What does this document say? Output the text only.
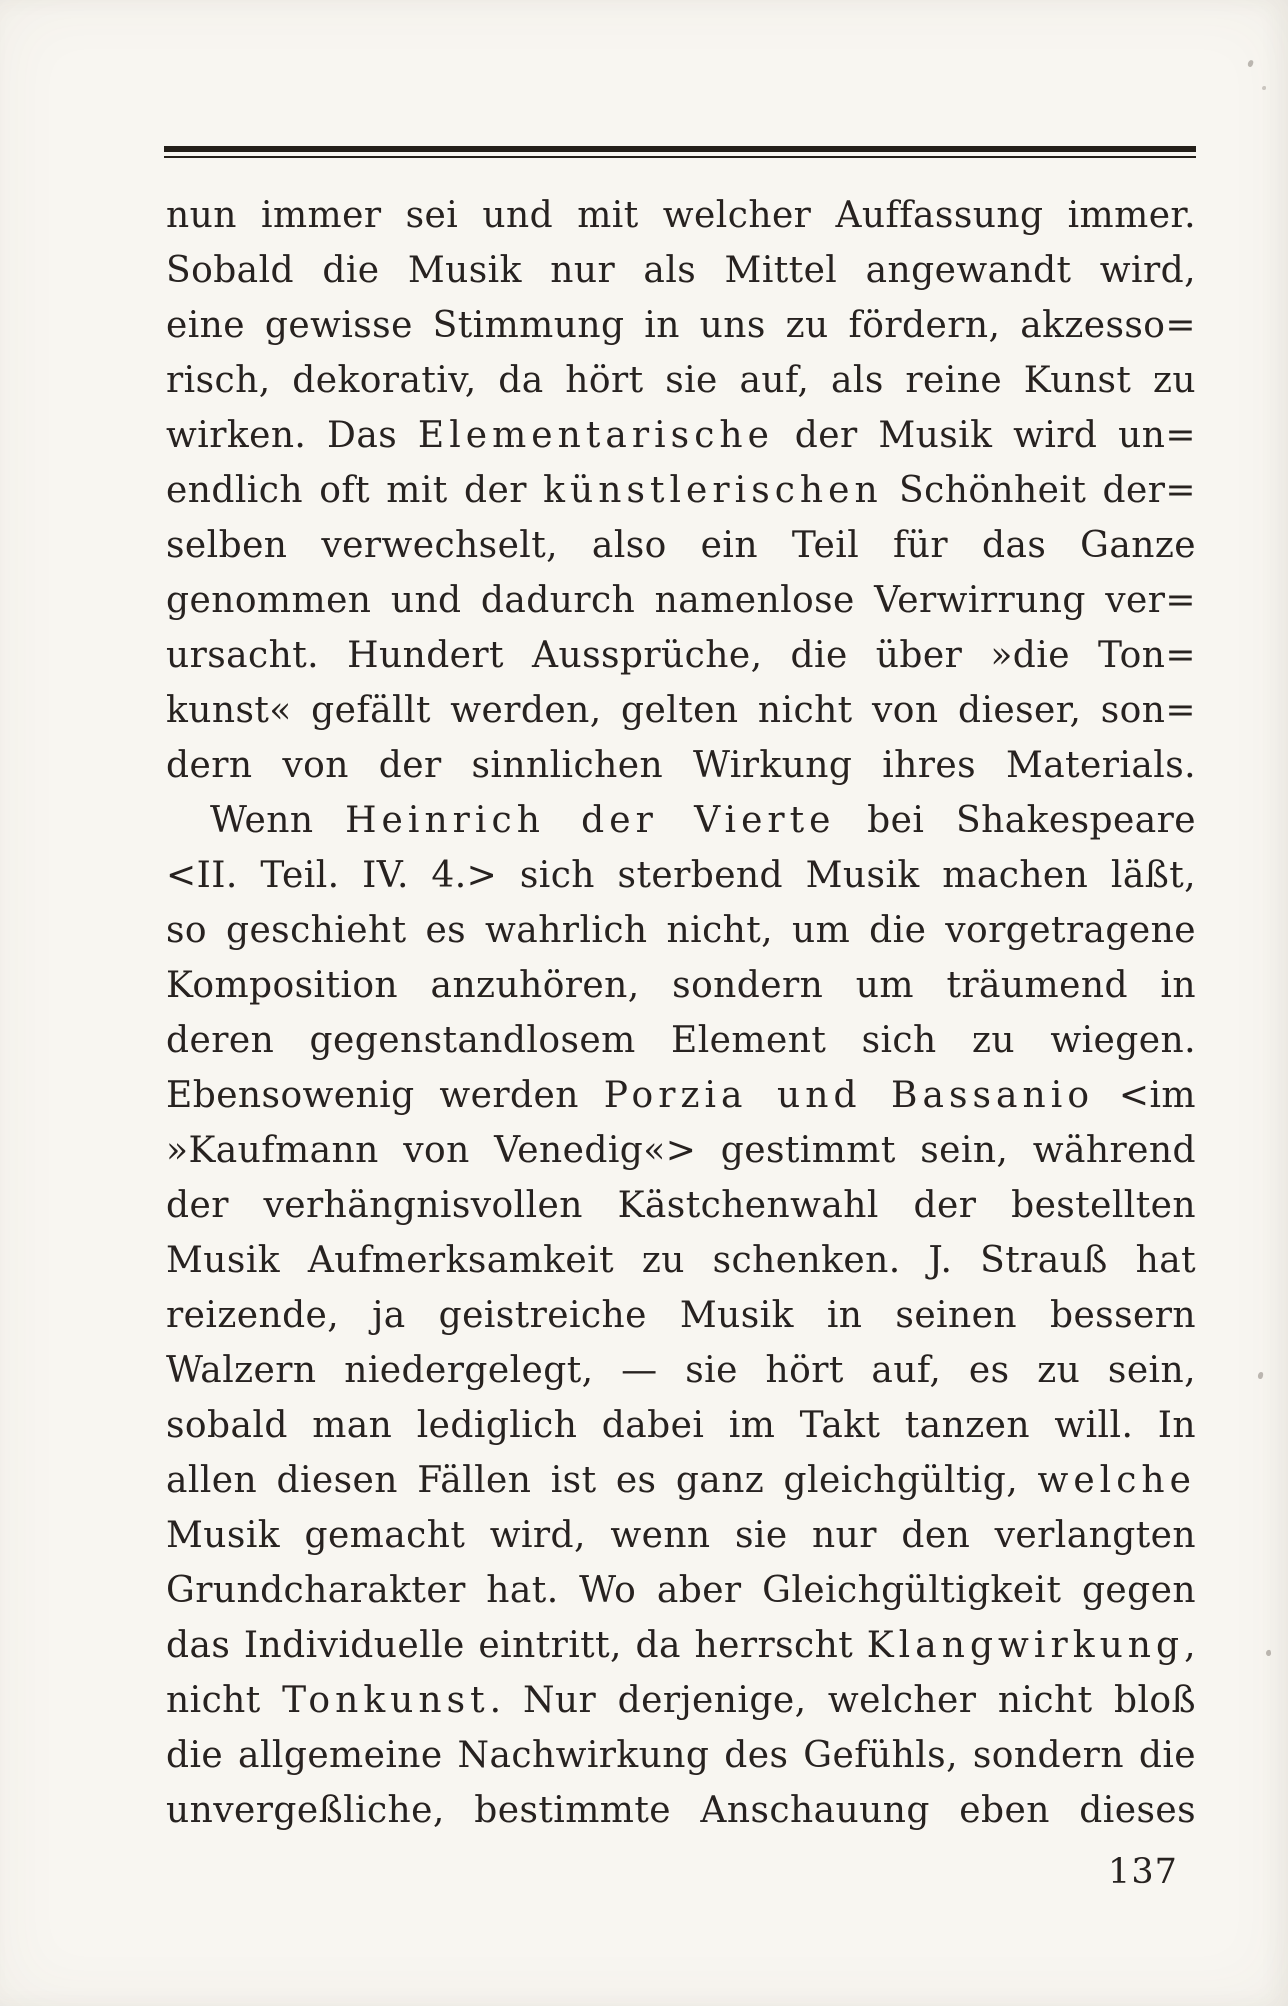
nun immer sei und mit welcher Auffassung immer.
Sobald die Musik nur als Mittel angewandt wird,
eine gewisse Stimmung in uns zu fördern, akzesso=
risch, dekorativ, da hört sie auf, als reine Kunst zu
wirken. Das Elementarische der Musik wird un=
endlich oft mit der künstlerischen Schönheit der=
selben verwechselt, also ein Teil für das Ganze
genommen und dadurch namenlose Verwirrung ver=
ursacht. Hundert Aussprüche, die über »die Ton=
kunst« gefällt werden, gelten nicht von dieser, son=
dern von der sinnlichen Wirkung ihres Materials.
Wenn Heinrich der Vierte bei Shakespeare
<II. Teil. IV. 4.> sich sterbend Musik machen läßt,
so geschieht es wahrlich nicht, um die vorgetragene
Komposition anzuhören, sondern um träumend in
deren gegenstandlosem Element sich zu wiegen.
Ebensowenig werden Porzia und Bassanio <im
»Kaufmann von Venedig«> gestimmt sein, während
der verhängnisvollen Kästchenwahl der bestellten
Musik Aufmerksamkeit zu schenken. J. Strauß hat
reizende, ja geistreiche Musik in seinen bessern
Walzern niedergelegt, — sie hört auf, es zu sein,
sobald man lediglich dabei im Takt tanzen will. In
allen diesen Fällen ist es ganz gleichgültig, welche
Musik gemacht wird, wenn sie nur den verlangten
Grundcharakter hat. Wo aber Gleichgültigkeit gegen
das Individuelle eintritt, da herrscht Klangwirkung,
nicht Tonkunst. Nur derjenige, welcher nicht bloß
die allgemeine Nachwirkung des Gefühls, sondern die
unvergeßliche, bestimmte Anschauung eben dieses
137
